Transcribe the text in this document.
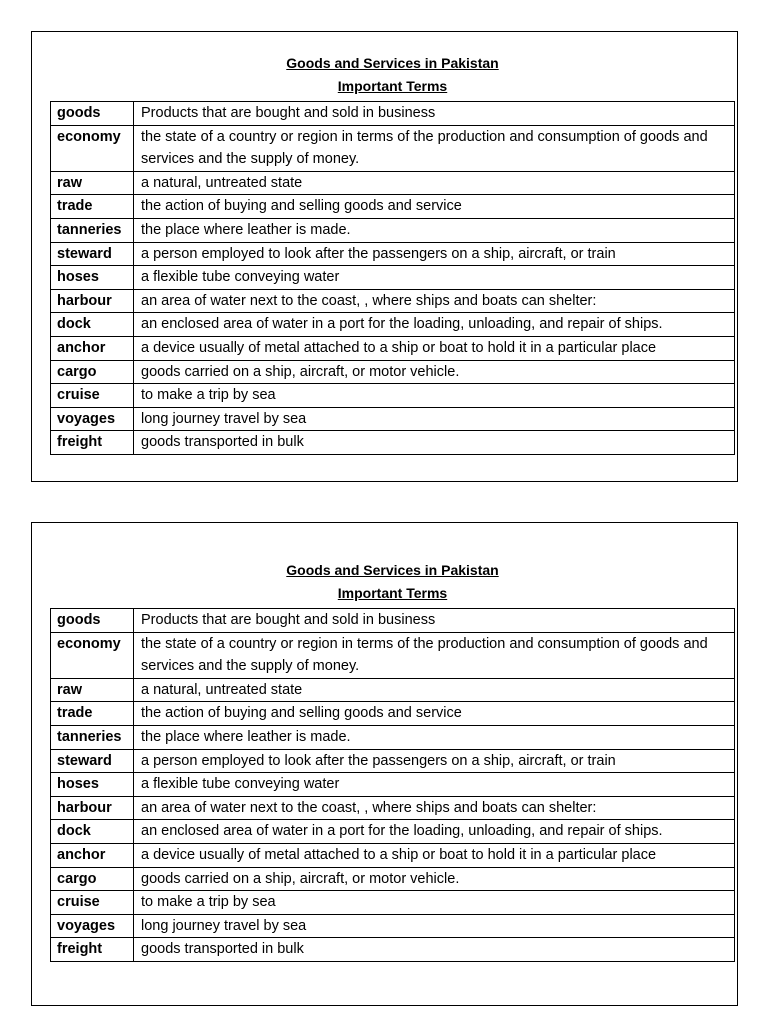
Goods and Services in Pakistan
Important Terms
goods	Products that are bought and sold in business
economy	the state of a country or region in terms of the production and consumption of goods and services and the supply of money.
raw	a natural, untreated state
trade	the action of buying and selling goods and service
tanneries	the place where leather is made.
steward	a person employed to look after the passengers on a ship, aircraft, or train
hoses	a flexible tube conveying water
harbour	an area of water next to the coast, , where ships and boats can shelter:
dock	an enclosed area of water in a port for the loading, unloading, and repair of ships.
anchor	a device usually of metal attached to a ship or boat to hold it in a particular place
cargo	goods carried on a ship, aircraft, or motor vehicle.
cruise	to make a trip by sea
voyages	long journey travel by sea
freight	goods transported in bulk
Goods and Services in Pakistan
Important Terms
goods	Products that are bought and sold in business
economy	the state of a country or region in terms of the production and consumption of goods and services and the supply of money.
raw	a natural, untreated state
trade	the action of buying and selling goods and service
tanneries	the place where leather is made.
steward	a person employed to look after the passengers on a ship, aircraft, or train
hoses	a flexible tube conveying water
harbour	an area of water next to the coast, , where ships and boats can shelter:
dock	an enclosed area of water in a port for the loading, unloading, and repair of ships.
anchor	a device usually of metal attached to a ship or boat to hold it in a particular place
cargo	goods carried on a ship, aircraft, or motor vehicle.
cruise	to make a trip by sea
voyages	long journey travel by sea
freight	goods transported in bulk
